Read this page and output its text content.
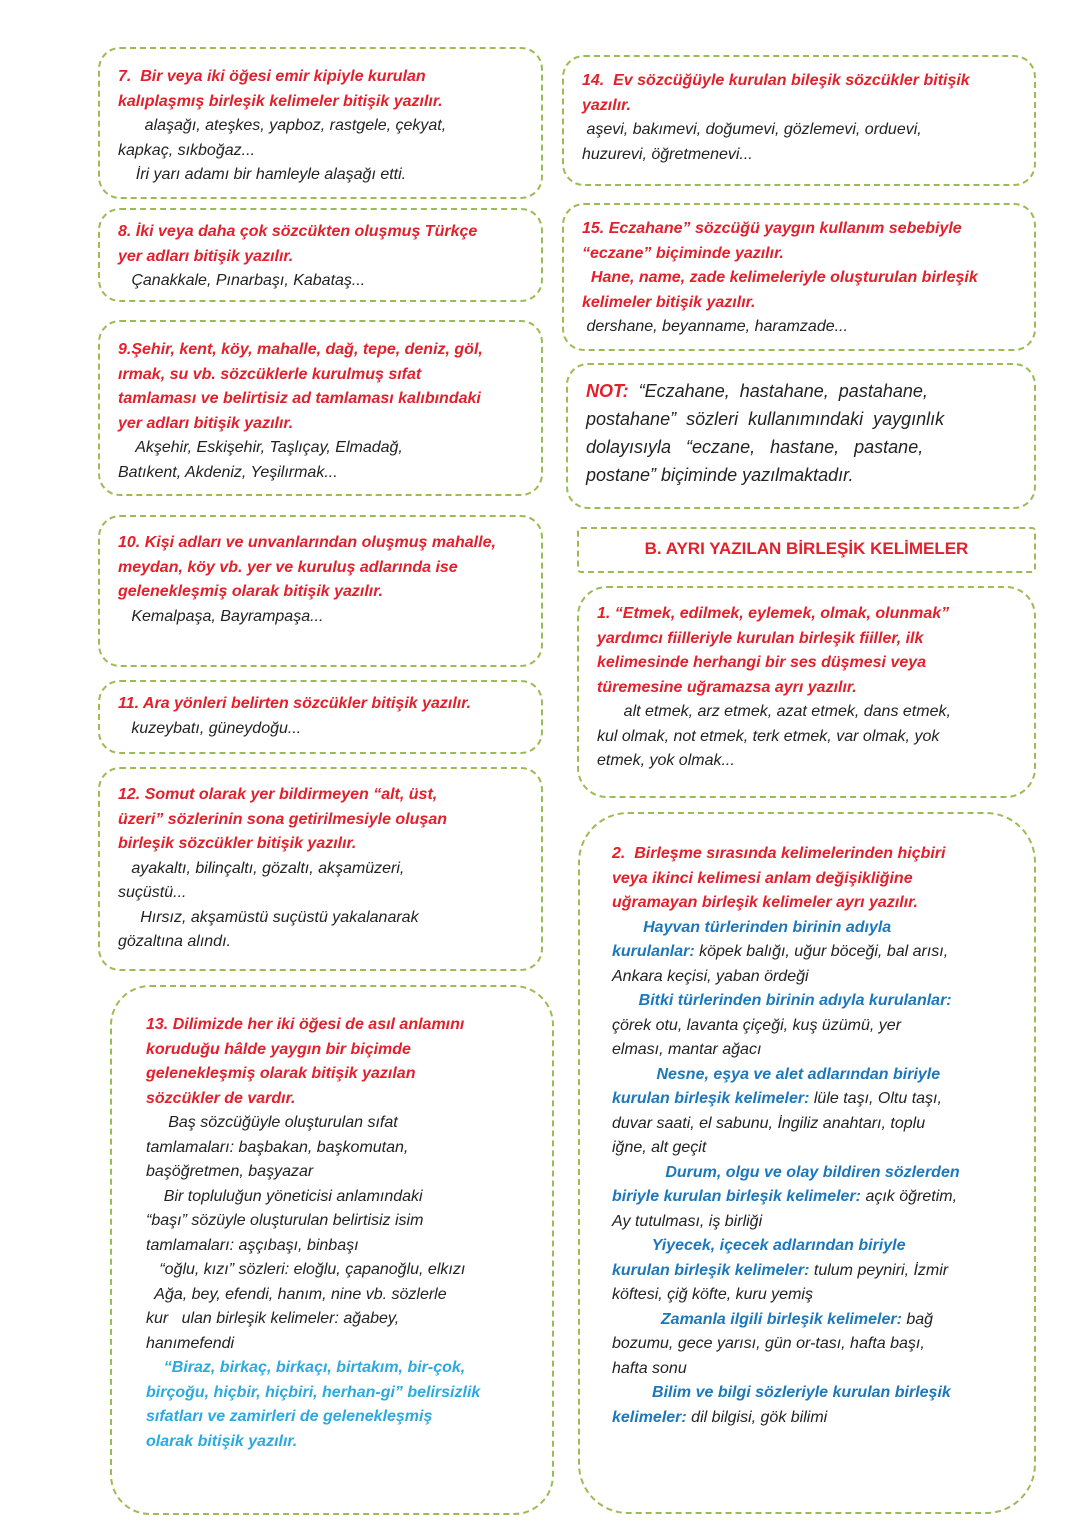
7.  Bir veya iki öğesi emir kipiyle kurulan
kalıplaşmış birleşik kelimeler bitişik yazılır.
alaşağı, ateşkes, yapboz, rastgele, çekyat,
kapkaç, sıkboğaz...
İri yarı adamı bir hamleyle alaşağı etti.
8. İki veya daha çok sözcükten oluşmuş Türkçe
yer adları bitişik yazılır.
Çanakkale, Pınarbaşı, Kabataş...
9.Şehir, kent, köy, mahalle, dağ, tepe, deniz, göl,
ırmak, su vb. sözcüklerle kurulmuş sıfat
tamlaması ve belirtisiz ad tamlaması kalıbındaki
yer adları bitişik yazılır.
Akşehir, Eskişehir, Taşlıçay, Elmadağ,
Batıkent, Akdeniz, Yeşilırmak...
10. Kişi adları ve unvanlarından oluşmuş mahalle,
meydan, köy vb. yer ve kuruluş adlarında ise
gelenekleşmiş olarak bitişik yazılır.
Kemalpaşa, Bayrampaşa...
11. Ara yönleri belirten sözcükler bitişik yazılır.
kuzeybatı, güneydoğu...
12. Somut olarak yer bildirmeyen “alt, üst,
üzeri” sözlerinin sona getirilmesiyle oluşan
birleşik sözcükler bitişik yazılır.
ayakaltı, bilinçaltı, gözaltı, akşamüzeri,
suçüstü...
Hırsız, akşamüstü suçüstü yakalanarak
gözaltına alındı.
13. Dilimizde her iki öğesi de asıl anlamını
koruduğu hâlde yaygın bir biçimde
gelenekleşmiş olarak bitişik yazılan
sözcükler de vardır.
Baş sözcüğüyle oluşturulan sıfat
tamlamaları: başbakan, başkomutan,
başöğretmen, başyazar
Bir topluluğun yöneticisi anlamındaki
“başı” sözüyle oluşturulan belirtisiz isim
tamlamaları: aşçıbaşı, binbaşı
“oğlu, kızı” sözleri: eloğlu, çapanoğlu, elkızı
Ağa, bey, efendi, hanım, nine vb. sözlerle
kur   ulan birleşik kelimeler: ağabey,
hanımefendi
“Biraz, birkaç, birkaçı, birtakım, bir-çok,
birçoğu, hiçbir, hiçbiri, herhan-gi” belirsizlik
sıfatları ve zamirleri de gelenekleşmiş
olarak bitişik yazılır.
14.  Ev sözcüğüyle kurulan bileşik sözcükler bitişik
yazılır.
aşevi, bakımevi, doğumevi, gözlemevi, orduevi,
huzurevi, öğretmenevi...
15. Eczahane” sözcüğü yaygın kullanım sebebiyle
“eczane” biçiminde yazılır.
Hane, name, zade kelimeleriyle oluşturulan birleşik
kelimeler bitişik yazılır.
dershane, beyanname, haramzade...
NOT:  “Eczahane,  hastahane,  pastahane,
postahane”  sözleri  kullanımındaki  yaygınlık
dolayısıyla   “eczane,   hastane,   pastane,
postane” biçiminde yazılmaktadır.
B. AYRI YAZILAN BİRLEŞİK KELİMELER
1. “Etmek, edilmek, eylemek, olmak, olunmak”
yardımcı fiilleriyle kurulan birleşik fiiller, ilk
kelimesinde herhangi bir ses düşmesi veya
türemesine uğramazsa ayrı yazılır.
alt etmek, arz etmek, azat etmek, dans etmek,
kul olmak, not etmek, terk etmek, var olmak, yok
etmek, yok olmak...
2.  Birleşme sırasında kelimelerinden hiçbiri
veya ikinci kelimesi anlam değişikliğine
uğramayan birleşik kelimeler ayrı yazılır.
Hayvan türlerinden birinin adıyla
kurulanlar: köpek balığı, uğur böceği, bal arısı,
Ankara keçisi, yaban ördeği
Bitki türlerinden birinin adıyla kurulanlar:
çörek otu, lavanta çiçeği, kuş üzümü, yer
elması, mantar ağacı
Nesne, eşya ve alet adlarından biriyle
kurulan birleşik kelimeler: lüle taşı, Oltu taşı,
duvar saati, el sabunu, İngiliz anahtarı, toplu
iğne, alt geçit
Durum, olgu ve olay bildiren sözlerden
biriyle kurulan birleşik kelimeler: açık öğretim,
Ay tutulması, iş birliği
Yiyecek, içecek adlarından biriyle
kurulan birleşik kelimeler: tulum peyniri, İzmir
köftesi, çiğ köfte, kuru yemiş
Zamanla ilgili birleşik kelimeler: bağ
bozumu, gece yarısı, gün or-tası, hafta başı,
hafta sonu
Bilim ve bilgi sözleriyle kurulan birleşik
kelimeler: dil bilgisi, gök bilimi
